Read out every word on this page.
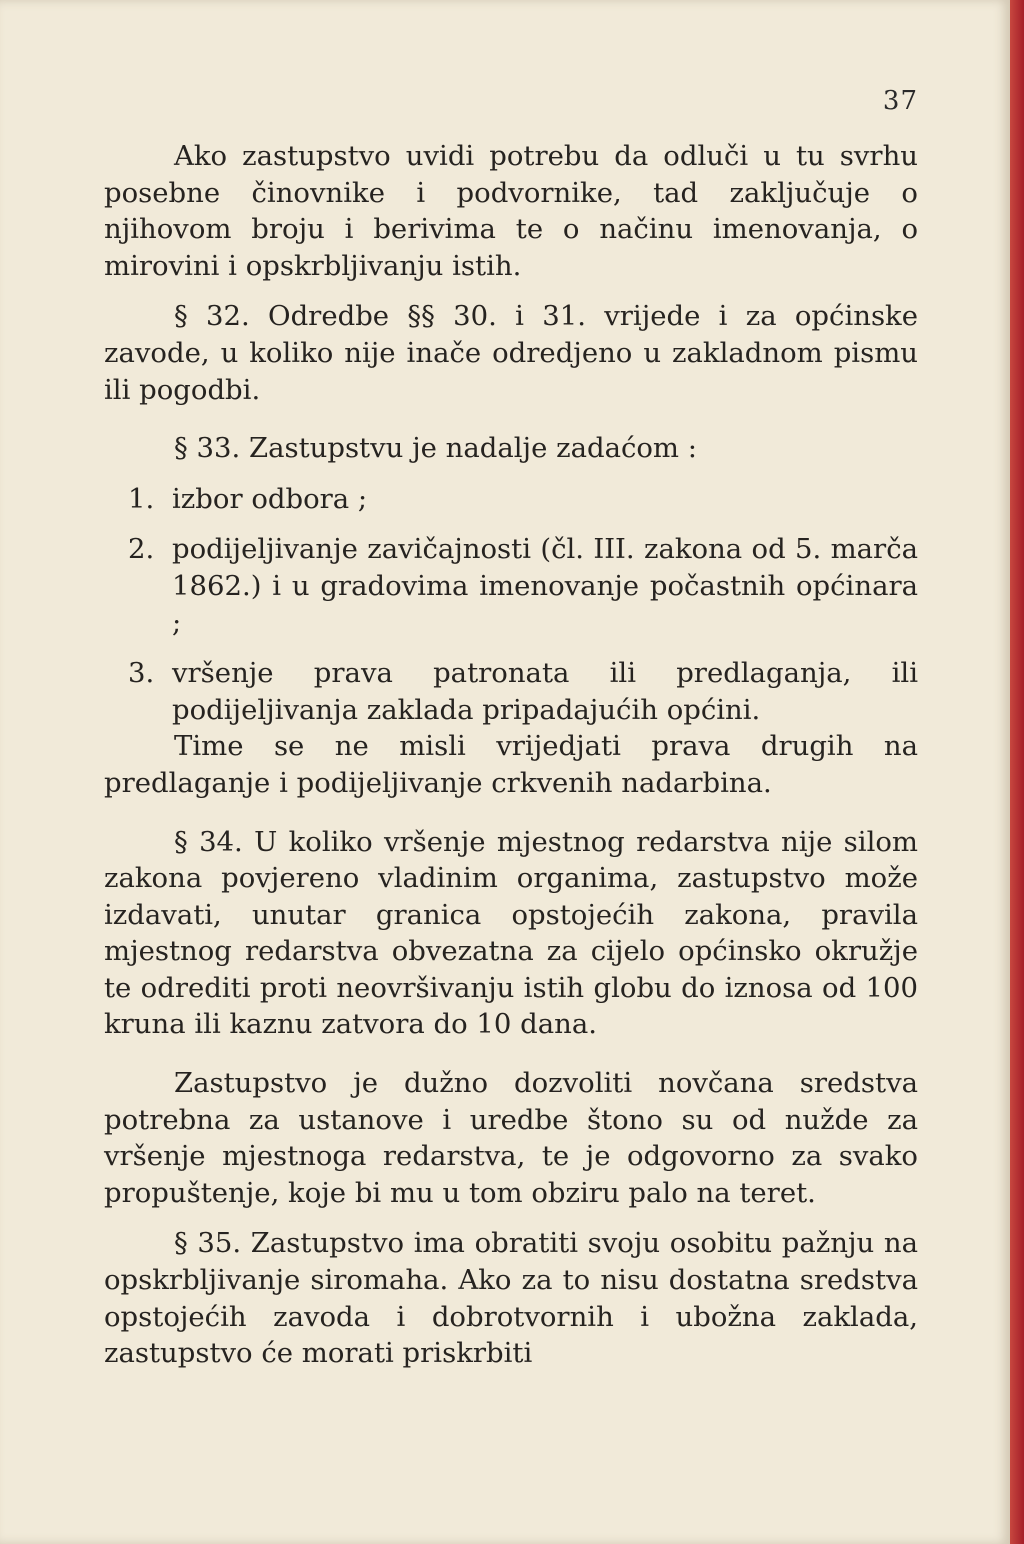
37

Ako zastupstvo uvidi potrebu da odluči u tu svrhu posebne činovnike i podvornike, tad zaključuje o njihovom broju i berivima te o načinu imenovanja, o mirovini i opskrbljivanju istih.

§ 32. Odredbe §§ 30. i 31. vrijede i za općinske zavode, u koliko nije inače odredjeno u zakladnom pismu ili pogodbi.

§ 33. Zastupstvu je nadalje zadaćom :

1. izbor odbora ;
2. podijeljivanje zavičajnosti (čl. III. zakona od 5. marča 1862.) i u gradovima imenovanje počastnih općinara ;
3. vršenje prava patronata ili predlaganja, ili podijeljivanja zaklada pripadajućih općini.

Time se ne misli vrijedjati prava drugih na predlaganje i podijeljivanje crkvenih nadarbina.

§ 34. U koliko vršenje mjestnog redarstva nije silom zakona povjereno vladinim organima, zastupstvo može izdavati, unutar granica opstojećih zakona, pravila mjestnog redarstva obvezatna za cijelo općinsko okružje te odrediti proti neovršivanju istih globu do iznosa od 100 kruna ili kaznu zatvora do 10 dana.

Zastupstvo je dužno dozvoliti novčana sredstva potrebna za ustanove i uredbe štono su od nužde za vršenje mjestnoga redarstva, te je odgovorno za svako propuštenje, koje bi mu u tom obziru palo na teret.

§ 35. Zastupstvo ima obratiti svoju osobitu pažnju na opskrbljivanje siromaha. Ako za to nisu dostatna sredstva opstojećih zavoda i dobrotvornih i ubožna zaklada, zastupstvo će morati priskrbiti
